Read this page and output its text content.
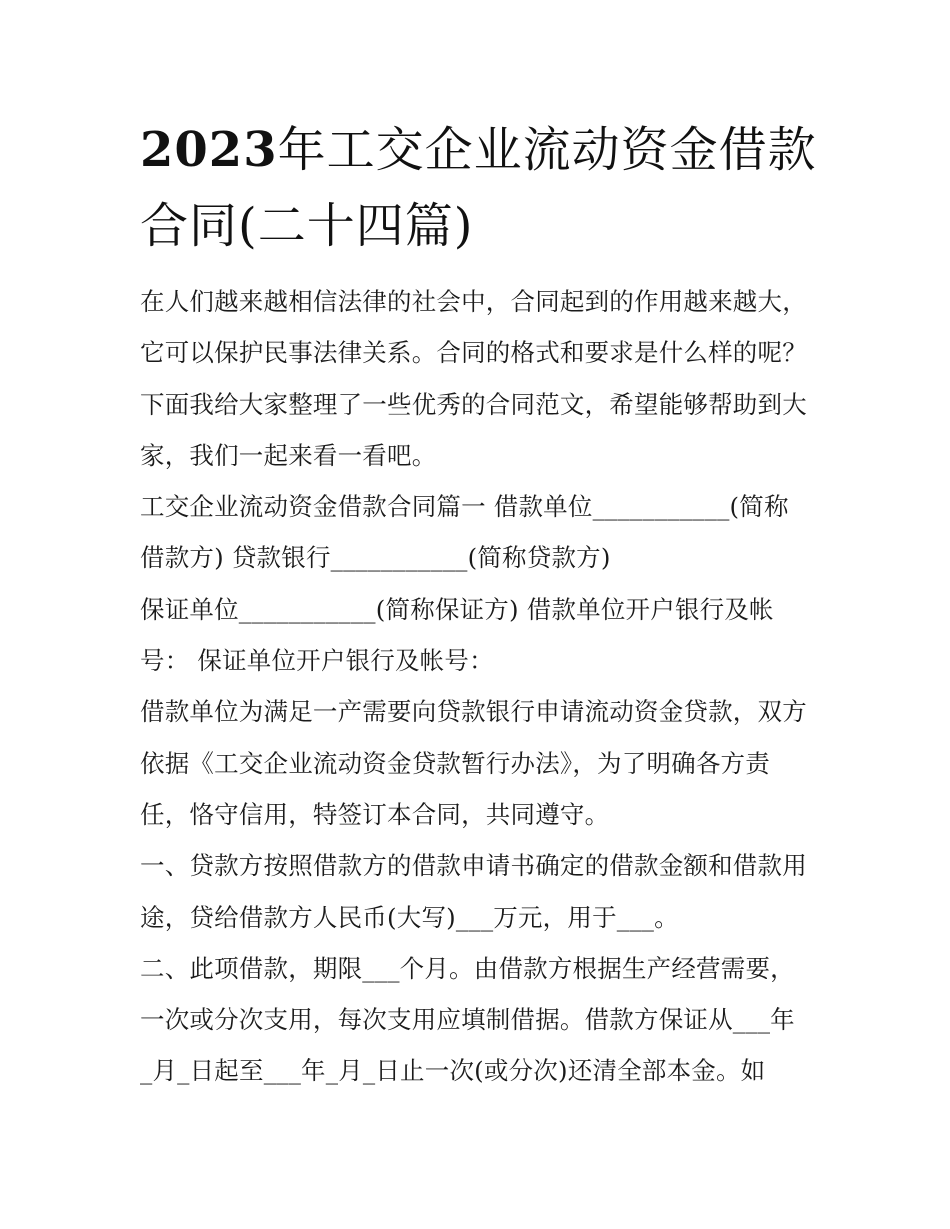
2023年工交企业流动资金借款
合同(二十四篇)
在人们越来越相信法律的社会中，合同起到的作用越来越大，
它可以保护民事法律关系。合同的格式和要求是什么样的呢？
下面我给大家整理了一些优秀的合同范文，希望能够帮助到大
家，我们一起来看一看吧。
工交企业流动资金借款合同篇一 借款单位___________(简称
借款方) 贷款银行___________(简称贷款方)
保证单位___________(简称保证方) 借款单位开户银行及帐
号： 保证单位开户银行及帐号：
借款单位为满足一产需要向贷款银行申请流动资金贷款，双方
依据《工交企业流动资金贷款暂行办法》，为了明确各方责
任，恪守信用，特签订本合同，共同遵守。
一、贷款方按照借款方的借款申请书确定的借款金额和借款用
途，贷给借款方人民币(大写)___万元，用于___。
二、此项借款，期限___个月。由借款方根据生产经营需要，
一次或分次支用，每次支用应填制借据。借款方保证从___年
_月_日起至___年_月_日止一次(或分次)还清全部本金。如
